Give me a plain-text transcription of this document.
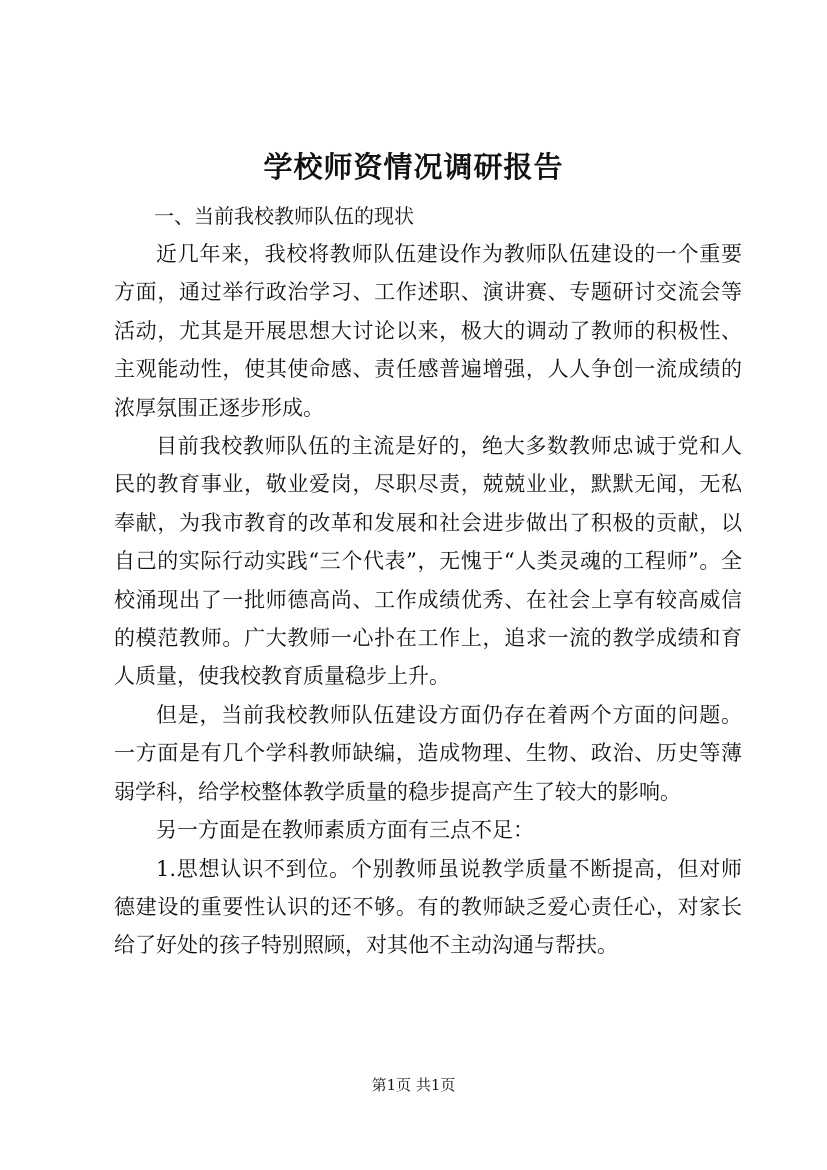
学校师资情况调研报告

一、当前我校教师队伍的现状

近几年来，我校将教师队伍建设作为教师队伍建设的一个重要方面，通过举行政治学习、工作述职、演讲赛、专题研讨交流会等活动，尤其是开展思想大讨论以来，极大的调动了教师的积极性、主观能动性，使其使命感、责任感普遍增强，人人争创一流成绩的浓厚氛围正逐步形成。

目前我校教师队伍的主流是好的，绝大多数教师忠诚于党和人民的教育事业，敬业爱岗，尽职尽责，兢兢业业，默默无闻，无私奉献，为我市教育的改革和发展和社会进步做出了积极的贡献，以自己的实际行动实践“三个代表”，无愧于“人类灵魂的工程师”。全校涌现出了一批师德高尚、工作成绩优秀、在社会上享有较高威信的模范教师。广大教师一心扑在工作上，追求一流的教学成绩和育人质量，使我校教育质量稳步上升。

但是，当前我校教师队伍建设方面仍存在着两个方面的问题。一方面是有几个学科教师缺编，造成物理、生物、政治、历史等薄弱学科，给学校整体教学质量的稳步提高产生了较大的影响。

另一方面是在教师素质方面有三点不足：

1.思想认识不到位。个别教师虽说教学质量不断提高，但对师德建设的重要性认识的还不够。有的教师缺乏爱心责任心，对家长给了好处的孩子特别照顾，对其他不主动沟通与帮扶。

第1页 共1页
